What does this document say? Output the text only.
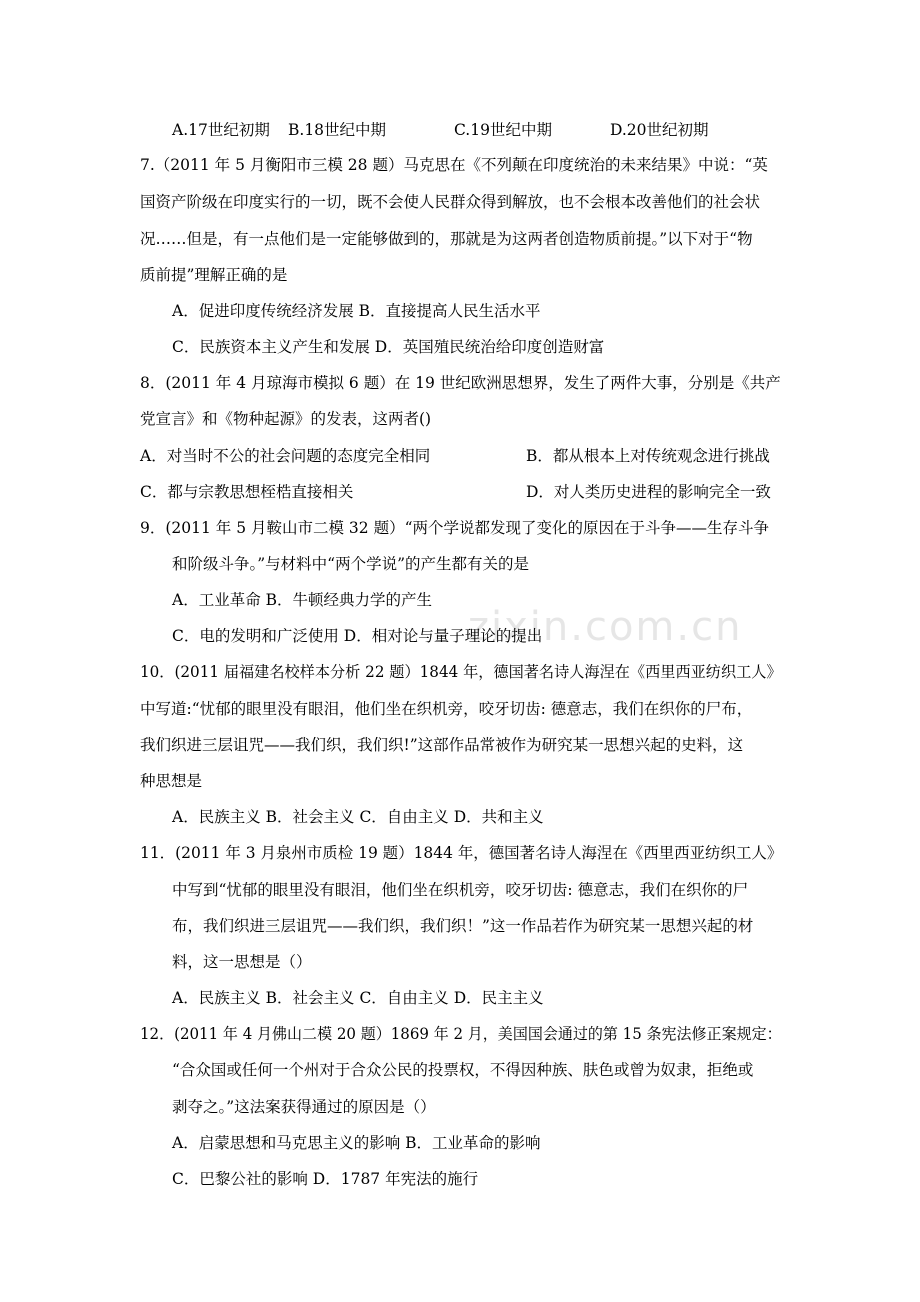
zixin.com.cn
A.17世纪初期 B.18世纪中期	C.19世纪中期	D.20世纪初期
7.（2011 年 5 月衡阳市三模 28 题）马克思在《不列颠在印度统治的未来结果》中说：“英
国资产阶级在印度实行的一切，既不会使人民群众得到解放，也不会根本改善他们的社会状
况……但是，有一点他们是一定能够做到的，那就是为这两者创造物质前提。”以下对于“物
质前提”理解正确的是
A．促进印度传统经济发展 B．直接提高人民生活水平
C．民族资本主义产生和发展 D．英国殖民统治给印度创造财富
8．(2011 年 4 月琼海市模拟 6 题）在 19 世纪欧洲思想界，发生了两件大事，分别是《共产
党宣言》和《物种起源》的发表，这两者()
A．对当时不公的社会问题的态度完全相同	B．都从根本上对传统观念进行挑战
C．都与宗教思想桎梏直接相关	D．对人类历史进程的影响完全一致
9．(2011 年 5 月鞍山市二模 32 题）“两个学说都发现了变化的原因在于斗争——生存斗争
和阶级斗争。”与材料中“两个学说”的产生都有关的是
A．工业革命 B．牛顿经典力学的产生
C．电的发明和广泛使用 D．相对论与量子理论的提出
10．(2011 届福建名校样本分析 22 题）1844 年，德国著名诗人海涅在《西里西亚纺织工人》
中写道:“忧郁的眼里没有眼泪，他们坐在织机旁，咬牙切齿: 德意志，我们在织你的尸布，
我们织进三层诅咒——我们织，我们织!”这部作品常被作为研究某一思想兴起的史料，这
种思想是
A．民族主义 B．社会主义 C．自由主义 D．共和主义
11．(2011 年 3 月泉州市质检 19 题）1844 年，德国著名诗人海涅在《西里西亚纺织工人》
中写到“忧郁的眼里没有眼泪，他们坐在织机旁，咬牙切齿: 德意志，我们在织你的尸
布，我们织进三层诅咒——我们织，我们织！”这一作品若作为研究某一思想兴起的材
料，这一思想是（）
A．民族主义 B．社会主义 C．自由主义 D．民主主义
12．(2011 年 4 月佛山二模 20 题）1869 年 2 月，美国国会通过的第 15 条宪法修正案规定：
“合众国或任何一个州对于合众公民的投票权，不得因种族、肤色或曾为奴隶，拒绝或
剥夺之。”这法案获得通过的原因是（）
A．启蒙思想和马克思主义的影响 B．工业革命的影响
C．巴黎公社的影响 D．1787 年宪法的施行
